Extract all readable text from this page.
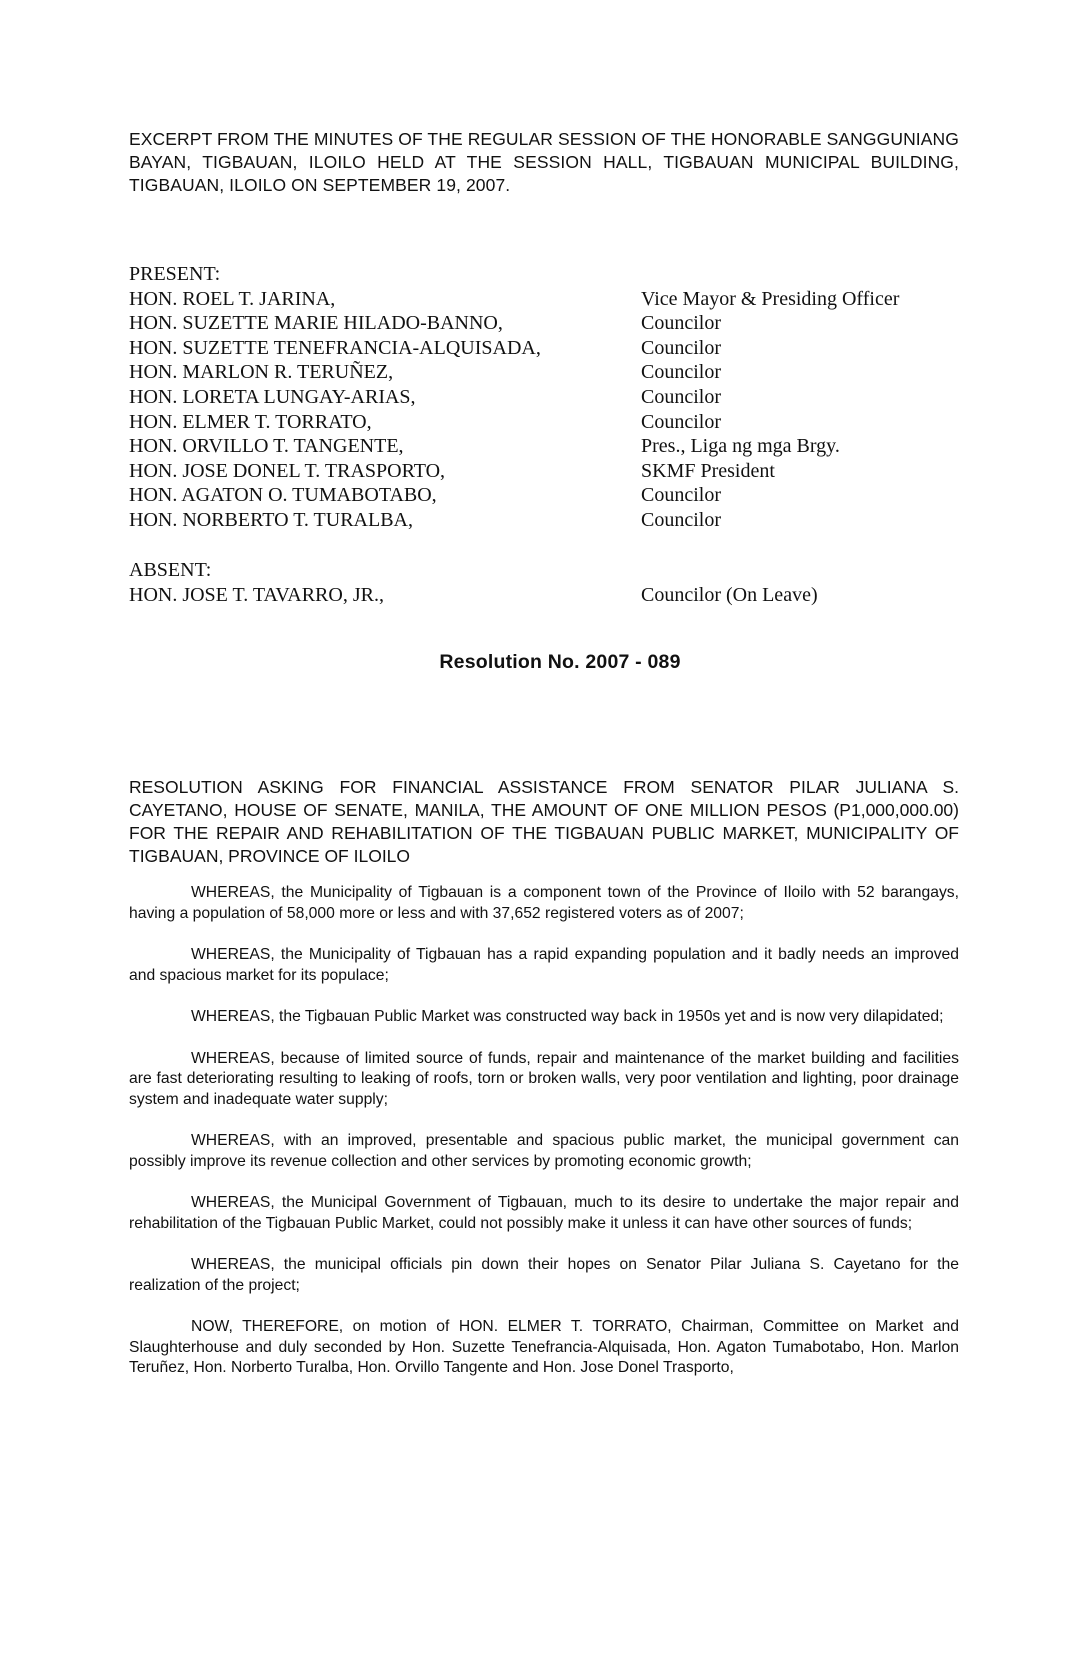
EXCERPT FROM THE MINUTES OF THE REGULAR SESSION OF THE HONORABLE SANGGUNIANG BAYAN, TIGBAUAN, ILOILO HELD AT THE SESSION HALL, TIGBAUAN MUNICIPAL BUILDING, TIGBAUAN, ILOILO ON SEPTEMBER 19, 2007.
PRESENT:
HON. ROEL T. JARINA,	Vice Mayor & Presiding Officer
HON. SUZETTE MARIE HILADO-BANNO,	Councilor
HON. SUZETTE TENEFRANCIA-ALQUISADA,	Councilor
HON. MARLON R. TERUÑEZ,	Councilor
HON. LORETA LUNGAY-ARIAS,	Councilor
HON. ELMER T. TORRATO,	Councilor
HON. ORVILLO T. TANGENTE,	Pres., Liga ng mga Brgy.
HON. JOSE DONEL T. TRASPORTO,	SKMF President
HON. AGATON O. TUMABOTABO,	Councilor
HON. NORBERTO T. TURALBA,	Councilor
ABSENT:
HON. JOSE T. TAVARRO, JR.,	Councilor (On Leave)
Resolution No. 2007 - 089
RESOLUTION ASKING FOR FINANCIAL ASSISTANCE FROM SENATOR PILAR JULIANA S. CAYETANO, HOUSE OF SENATE, MANILA, THE AMOUNT OF ONE MILLION PESOS (P1,000,000.00) FOR THE REPAIR AND REHABILITATION OF THE TIGBAUAN PUBLIC MARKET, MUNICIPALITY OF TIGBAUAN, PROVINCE OF ILOILO

WHEREAS, the Municipality of Tigbauan is a component town of the Province of Iloilo with 52 barangays, having a population of 58,000 more or less and with 37,652 registered voters as of 2007;

WHEREAS, the Municipality of Tigbauan has a rapid expanding population and it badly needs an improved and spacious market for its populace;

WHEREAS, the Tigbauan Public Market was constructed way back in 1950s yet and is now very dilapidated;

WHEREAS, because of limited source of funds, repair and maintenance of the market building and facilities are fast deteriorating resulting to leaking of roofs, torn or broken walls, very poor ventilation and lighting, poor drainage system and inadequate water supply;

WHEREAS, with an improved, presentable and spacious public market, the municipal government can possibly improve its revenue collection and other services by promoting economic growth;

WHEREAS, the Municipal Government of Tigbauan, much to its desire to undertake the major repair and rehabilitation of the Tigbauan Public Market, could not possibly make it unless it can have other sources of funds;

WHEREAS, the municipal officials pin down their hopes on Senator Pilar Juliana S. Cayetano for the realization of the project;

NOW, THEREFORE, on motion of HON. ELMER T. TORRATO, Chairman, Committee on Market and Slaughterhouse and duly seconded by Hon. Suzette Tenefrancia-Alquisada, Hon. Agaton Tumabotabo, Hon. Marlon Teruñez, Hon. Norberto Turalba, Hon. Orvillo Tangente and Hon. Jose Donel Trasporto,
